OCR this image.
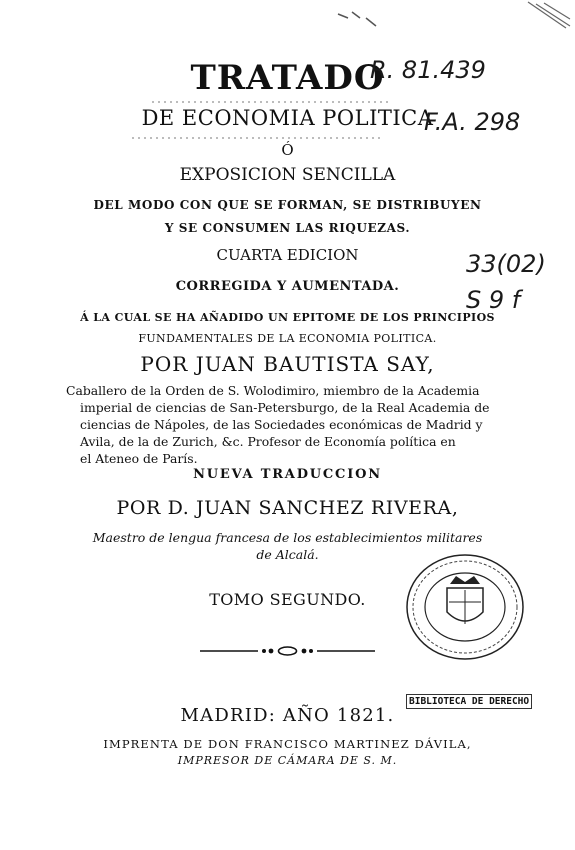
TRATADO
DE ECONOMIA POLITICA
Ó
EXPOSICION SENCILLA
DEL MODO CON QUE SE FORMAN, SE DISTRIBUYEN
Y SE CONSUMEN LAS RIQUEZAS.
CUARTA EDICION
CORREGIDA Y AUMENTADA.
Á LA CUAL SE HA AÑADIDO UN EPITOME DE LOS PRINCIPIOS
FUNDAMENTALES DE LA ECONOMIA POLITICA.
POR JUAN BAUTISTA SAY,
Caballero de la Orden de S. Wolodimiro, miembro de la Academia
imperial de ciencias de San-Petersburgo, de la Real Academia de
ciencias de Nápoles, de las Sociedades económicas de Madrid y
Avila, de la de Zurich, &c. Profesor de Economía política en
el Ateneo de París.
NUEVA TRADUCCION
POR D. JUAN SANCHEZ RIVERA,
Maestro de lengua francesa de los establecimientos militares
de Alcalá.
TOMO SEGUNDO.
MADRID: AÑO 1821.
IMPRENTA DE DON FRANCISCO MARTINEZ DÁVILA,
IMPRESOR DE CÁMARA DE S. M.
R. 81.439
F.A. 298
33(02)
S 9 f
BIBLIOTECA DE DERECHO
